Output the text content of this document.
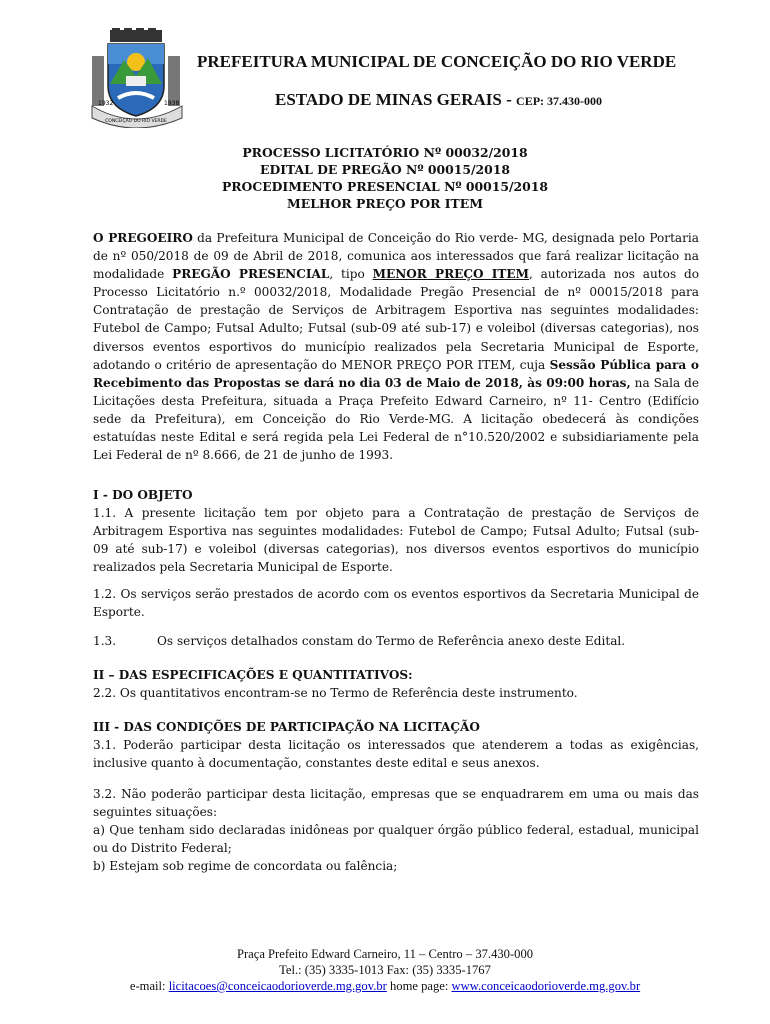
1932	1938
CONCEIÇÃO DO RIO VERDE
PREFEITURA MUNICIPAL DE CONCEIÇÃO DO RIO VERDE
ESTADO DE MINAS GERAIS - CEP: 37.430-000
PROCESSO LICITATÓRIO Nº 00032/2018
EDITAL DE PREGÃO Nº 00015/2018
PROCEDIMENTO PRESENCIAL Nº 00015/2018
MELHOR PREÇO POR ITEM

O PREGOEIRO da Prefeitura Municipal de Conceição do Rio verde- MG, designada pelo Portaria de nº 050/2018 de 09 de Abril de 2018, comunica aos interessados que fará realizar licitação na modalidade PREGÃO PRESENCIAL, tipo MENOR PREÇO ITEM, autorizada nos autos do Processo Licitatório n.º 00032/2018, Modalidade Pregão Presencial de nº 00015/2018 para Contratação de prestação de Serviços de Arbitragem Esportiva nas seguintes modalidades: Futebol de Campo; Futsal Adulto; Futsal (sub-09 até sub-17) e voleibol (diversas categorias), nos diversos eventos esportivos do município realizados pela Secretaria Municipal de Esporte, adotando o critério de apresentação do MENOR PREÇO POR ITEM, cuja Sessão Pública para o Recebimento das Propostas se dará no dia 03 de Maio de 2018, às 09:00 horas, na Sala de Licitações desta Prefeitura, situada a Praça Prefeito Edward Carneiro, nº 11- Centro (Edifício sede da Prefeitura), em Conceição do Rio Verde-MG. A licitação obedecerá às condições estatuídas neste Edital e será regida pela Lei Federal de n°10.520/2002 e subsidiariamente pela Lei Federal de nº 8.666, de 21 de junho de 1993.

I - DO OBJETO

1.1. A presente licitação tem por objeto para a Contratação de prestação de Serviços de Arbitragem Esportiva nas seguintes modalidades: Futebol de Campo; Futsal Adulto; Futsal (sub-09 até sub-17) e voleibol (diversas categorias), nos diversos eventos esportivos do município realizados pela Secretaria Municipal de Esporte.

1.2. Os serviços serão prestados de acordo com os eventos esportivos da Secretaria Municipal de Esporte.
1.3.	Os serviços detalhados constam do Termo de Referência anexo deste Edital.
II – DAS ESPECIFICAÇÕES E QUANTITATIVOS:

2.2. Os quantitativos encontram-se no Termo de Referência deste instrumento.

III - DAS CONDIÇÕES DE PARTICIPAÇÃO NA LICITAÇÃO

3.1. Poderão participar desta licitação os interessados que atenderem a todas as exigências, inclusive quanto à documentação, constantes deste edital e seus anexos.

3.2. Não poderão participar desta licitação, empresas que se enquadrarem em uma ou mais das seguintes situações:

a) Que tenham sido declaradas inidôneas por qualquer órgão público federal, estadual, municipal ou do Distrito Federal;

b) Estejam sob regime de concordata ou falência;

Praça Prefeito Edward Carneiro, 11 – Centro – 37.430-000
Tel.: (35) 3335-1013 Fax: (35) 3335-1767
e-mail: licitacoes@conceicaodorioverde.mg.gov.br home page: www.conceicaodorioverde.mg.gov.br
